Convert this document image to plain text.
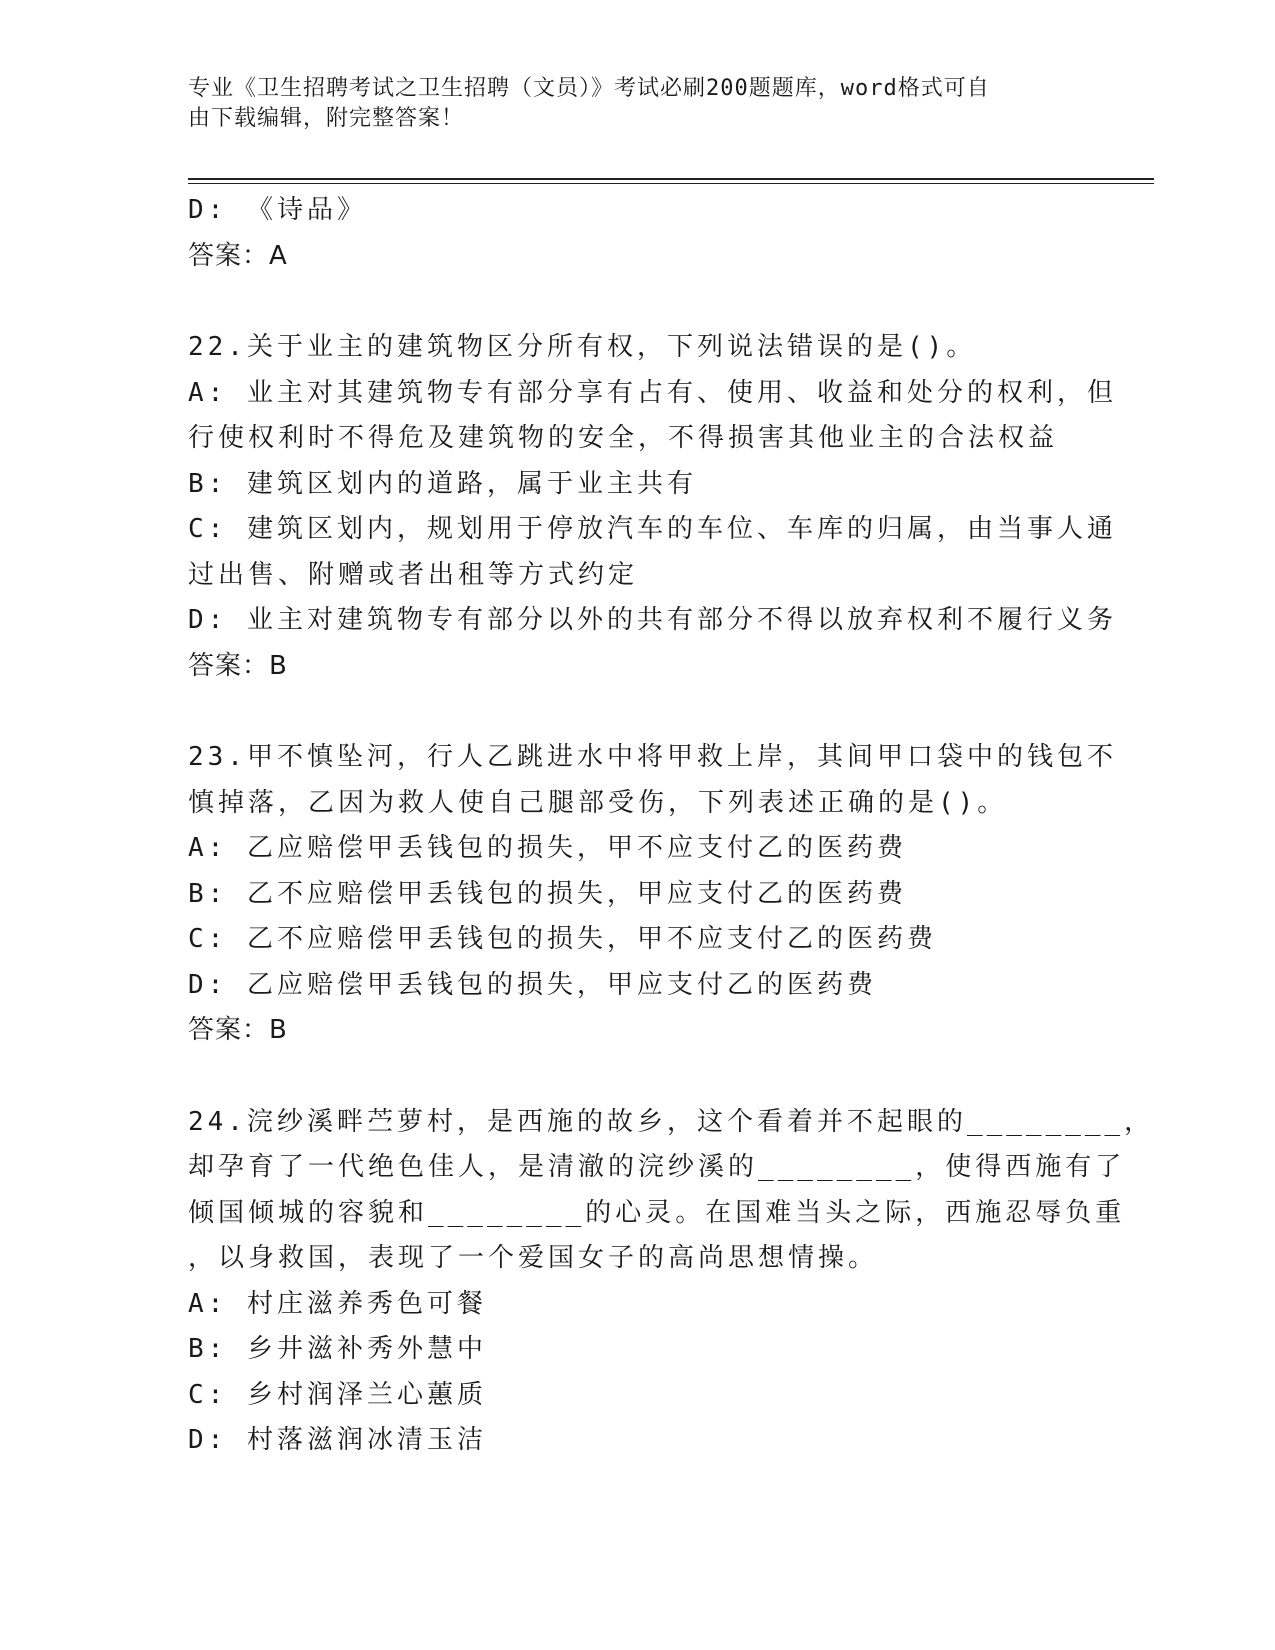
专业《卫生招聘考试之卫生招聘（文员）》考试必刷200题题库，word格式可自
由下载编辑，附完整答案！
D: 《诗品》
答案：A
22.关于业主的建筑物区分所有权，下列说法错误的是()。
A: 业主对其建筑物专有部分享有占有、使用、收益和处分的权利，但
行使权利时不得危及建筑物的安全，不得损害其他业主的合法权益
B: 建筑区划内的道路，属于业主共有
C: 建筑区划内，规划用于停放汽车的车位、车库的归属，由当事人通
过出售、附赠或者出租等方式约定
D: 业主对建筑物专有部分以外的共有部分不得以放弃权利不履行义务
答案：B
23.甲不慎坠河，行人乙跳进水中将甲救上岸，其间甲口袋中的钱包不
慎掉落，乙因为救人使自己腿部受伤，下列表述正确的是()。
A: 乙应赔偿甲丢钱包的损失，甲不应支付乙的医药费
B: 乙不应赔偿甲丢钱包的损失，甲应支付乙的医药费
C: 乙不应赔偿甲丢钱包的损失，甲不应支付乙的医药费
D: 乙应赔偿甲丢钱包的损失，甲应支付乙的医药费
答案：B
24.浣纱溪畔苎萝村，是西施的故乡，这个看着并不起眼的________，
却孕育了一代绝色佳人，是清澈的浣纱溪的________，使得西施有了
倾国倾城的容貌和________的心灵。在国难当头之际，西施忍辱负重
，以身救国，表现了一个爱国女子的高尚思想情操。
A: 村庄滋养秀色可餐
B: 乡井滋补秀外慧中
C: 乡村润泽兰心蕙质
D: 村落滋润冰清玉洁
